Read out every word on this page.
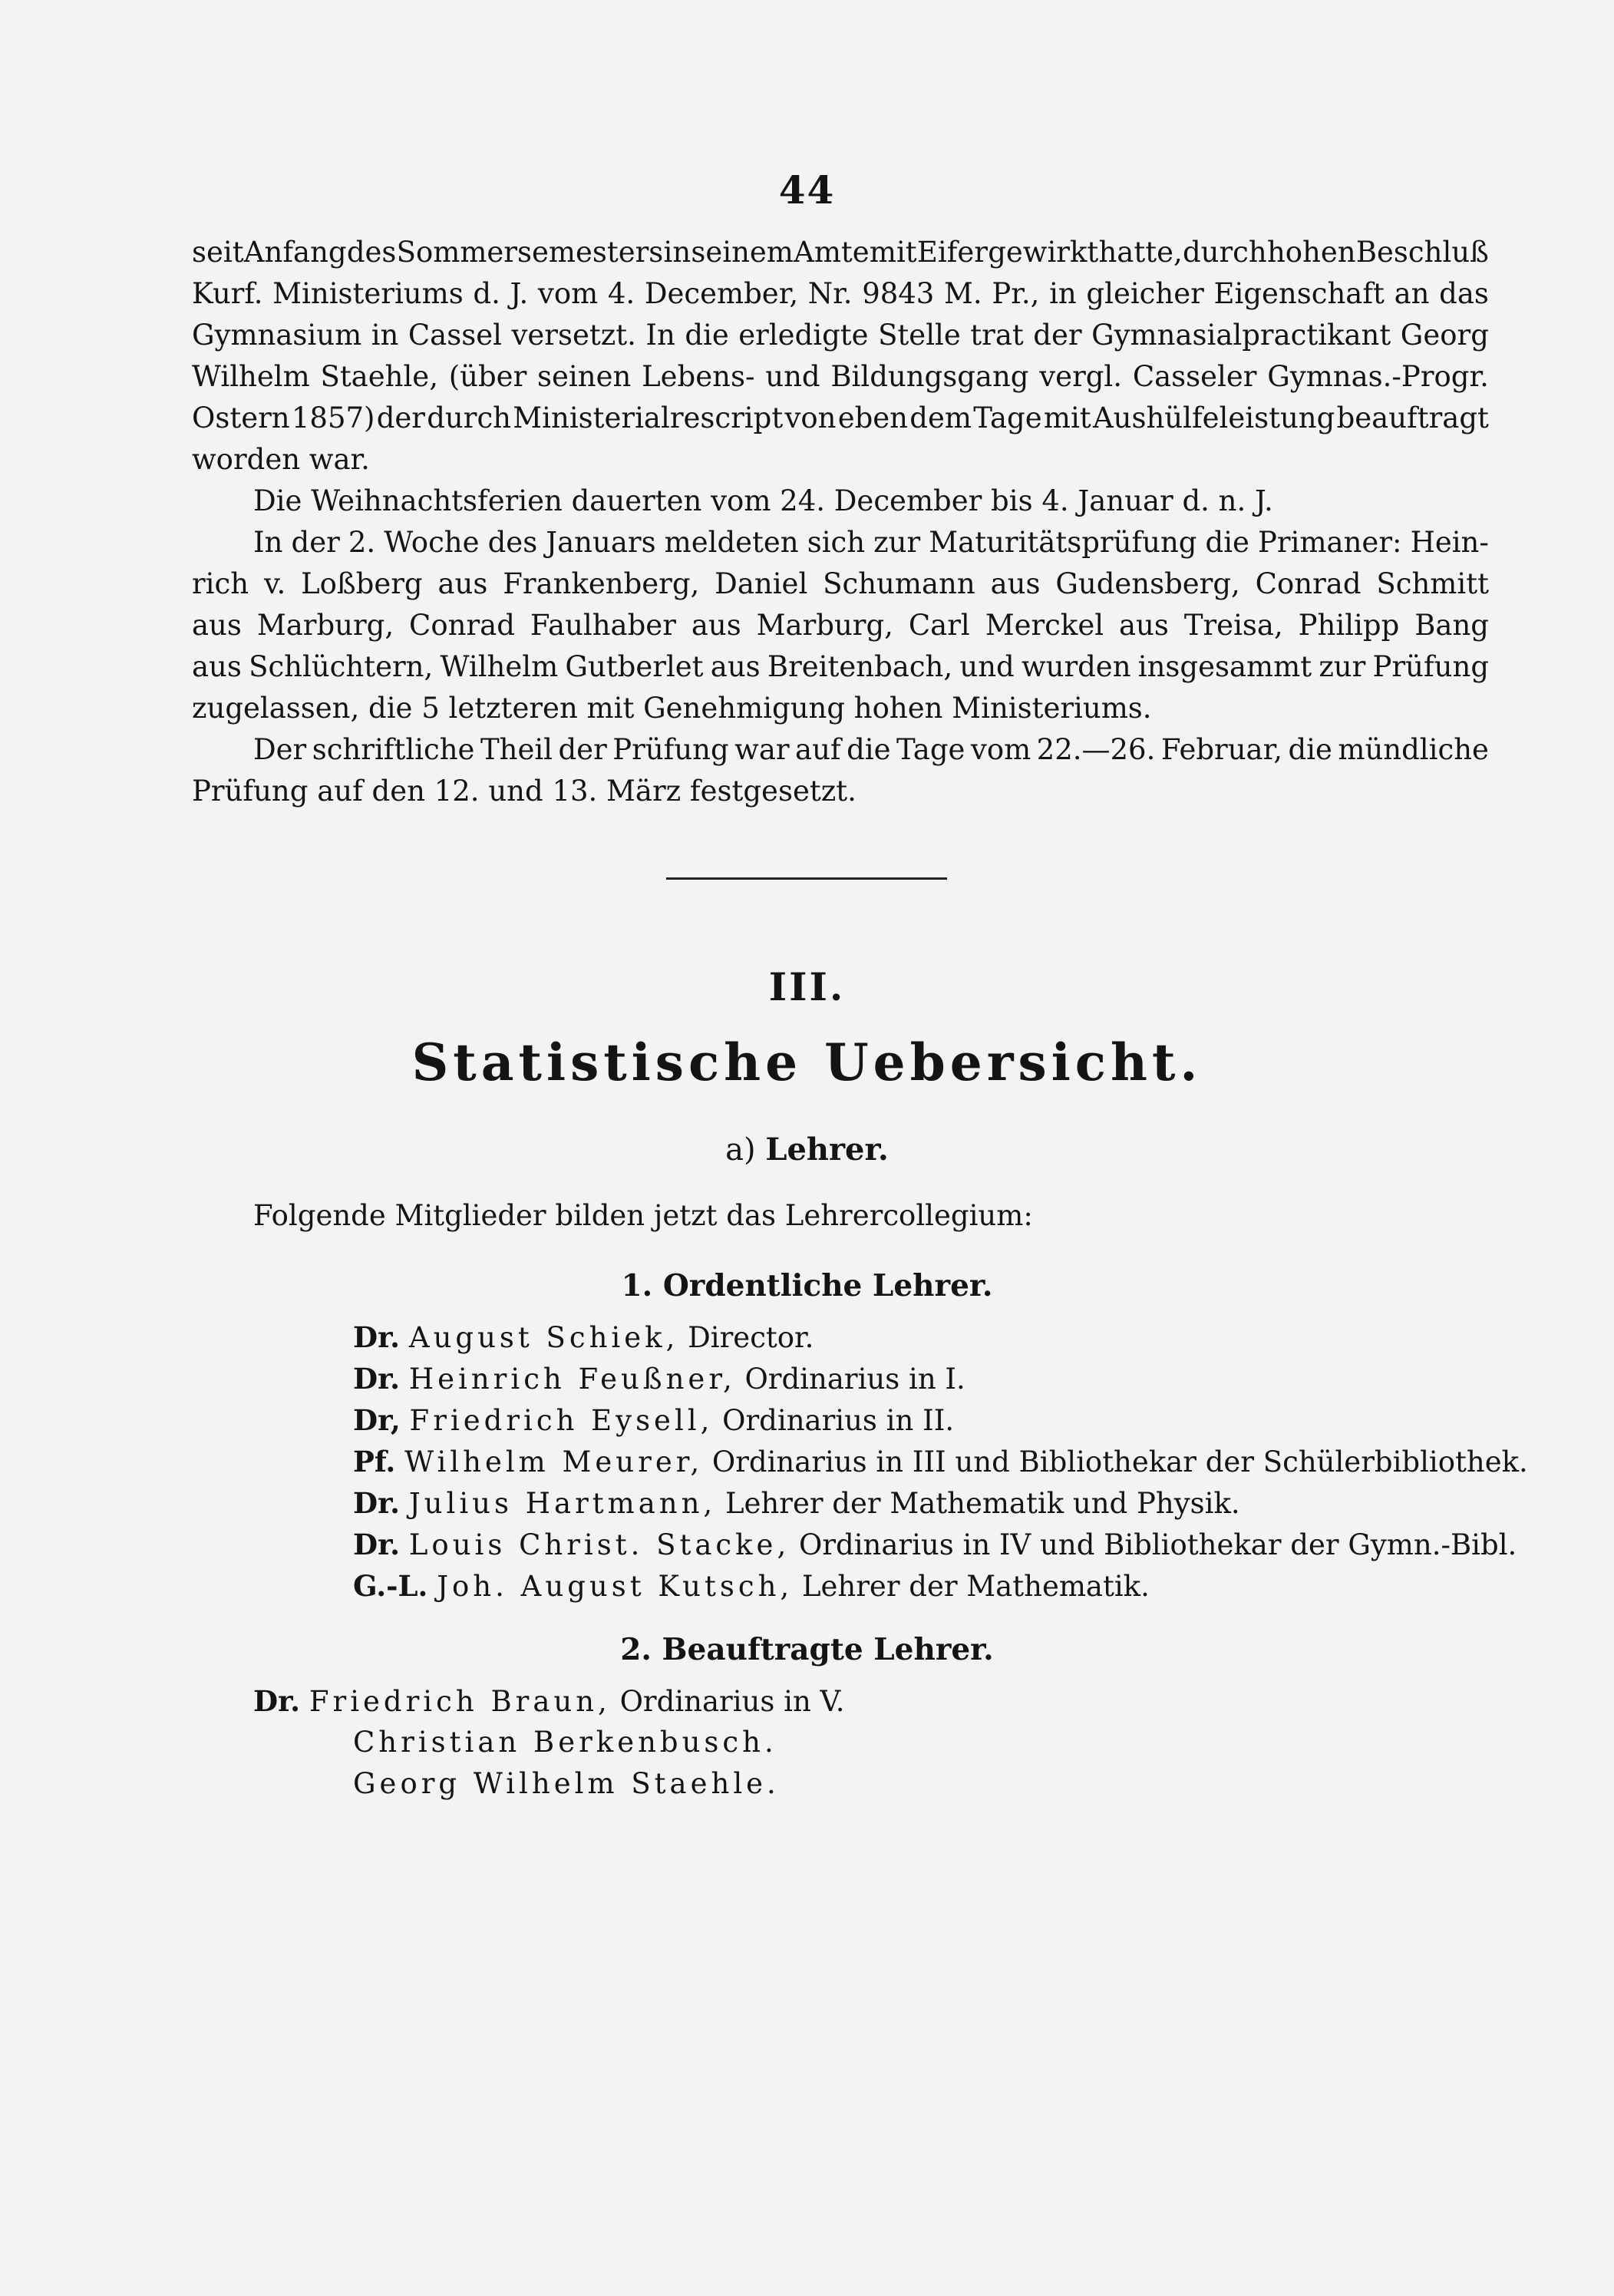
44
seit Anfang des Sommersemesters in seinem Amte mit Eifer gewirkt hatte, durch hohen Beschluß
Kurf. Ministeriums d. J. vom 4. December, Nr. 9843 M. Pr., in gleicher Eigenschaft an das
Gymnasium in Cassel versetzt. In die erledigte Stelle trat der Gymnasialpractikant Georg
Wilhelm Staehle, (über seinen Lebens- und Bildungsgang vergl. Casseler Gymnas.-Progr.
Ostern 1857) der durch Ministerialrescript von eben dem Tage mit Aushülfeleistung beauftragt
worden war.
Die Weihnachtsferien dauerten vom 24. December bis 4. Januar d. n. J.
In der 2. Woche des Januars meldeten sich zur Maturitätsprüfung die Primaner: Hein-
rich v. Loßberg aus Frankenberg, Daniel Schumann aus Gudensberg, Conrad Schmitt
aus Marburg, Conrad Faulhaber aus Marburg, Carl Merckel aus Treisa, Philipp Bang
aus Schlüchtern, Wilhelm Gutberlet aus Breitenbach, und wurden insgesammt zur Prüfung
zugelassen, die 5 letzteren mit Genehmigung hohen Ministeriums.
Der schriftliche Theil der Prüfung war auf die Tage vom 22.—26. Februar, die mündliche
Prüfung auf den 12. und 13. März festgesetzt.
III.
Statistische Uebersicht.
a) Lehrer.
Folgende Mitglieder bilden jetzt das Lehrercollegium:
1. Ordentliche Lehrer.
Dr. August Schiek, Director.
Dr. Heinrich Feußner, Ordinarius in I.
Dr, Friedrich Eysell, Ordinarius in II.
Pf. Wilhelm Meurer, Ordinarius in III und Bibliothekar der Schülerbibliothek.
Dr. Julius Hartmann, Lehrer der Mathematik und Physik.
Dr. Louis Christ. Stacke, Ordinarius in IV und Bibliothekar der Gymn.-Bibl.
G.-L. Joh. August Kutsch, Lehrer der Mathematik.
2. Beauftragte Lehrer.
Dr. Friedrich Braun, Ordinarius in V.
Christian Berkenbusch.
Georg Wilhelm Staehle.
